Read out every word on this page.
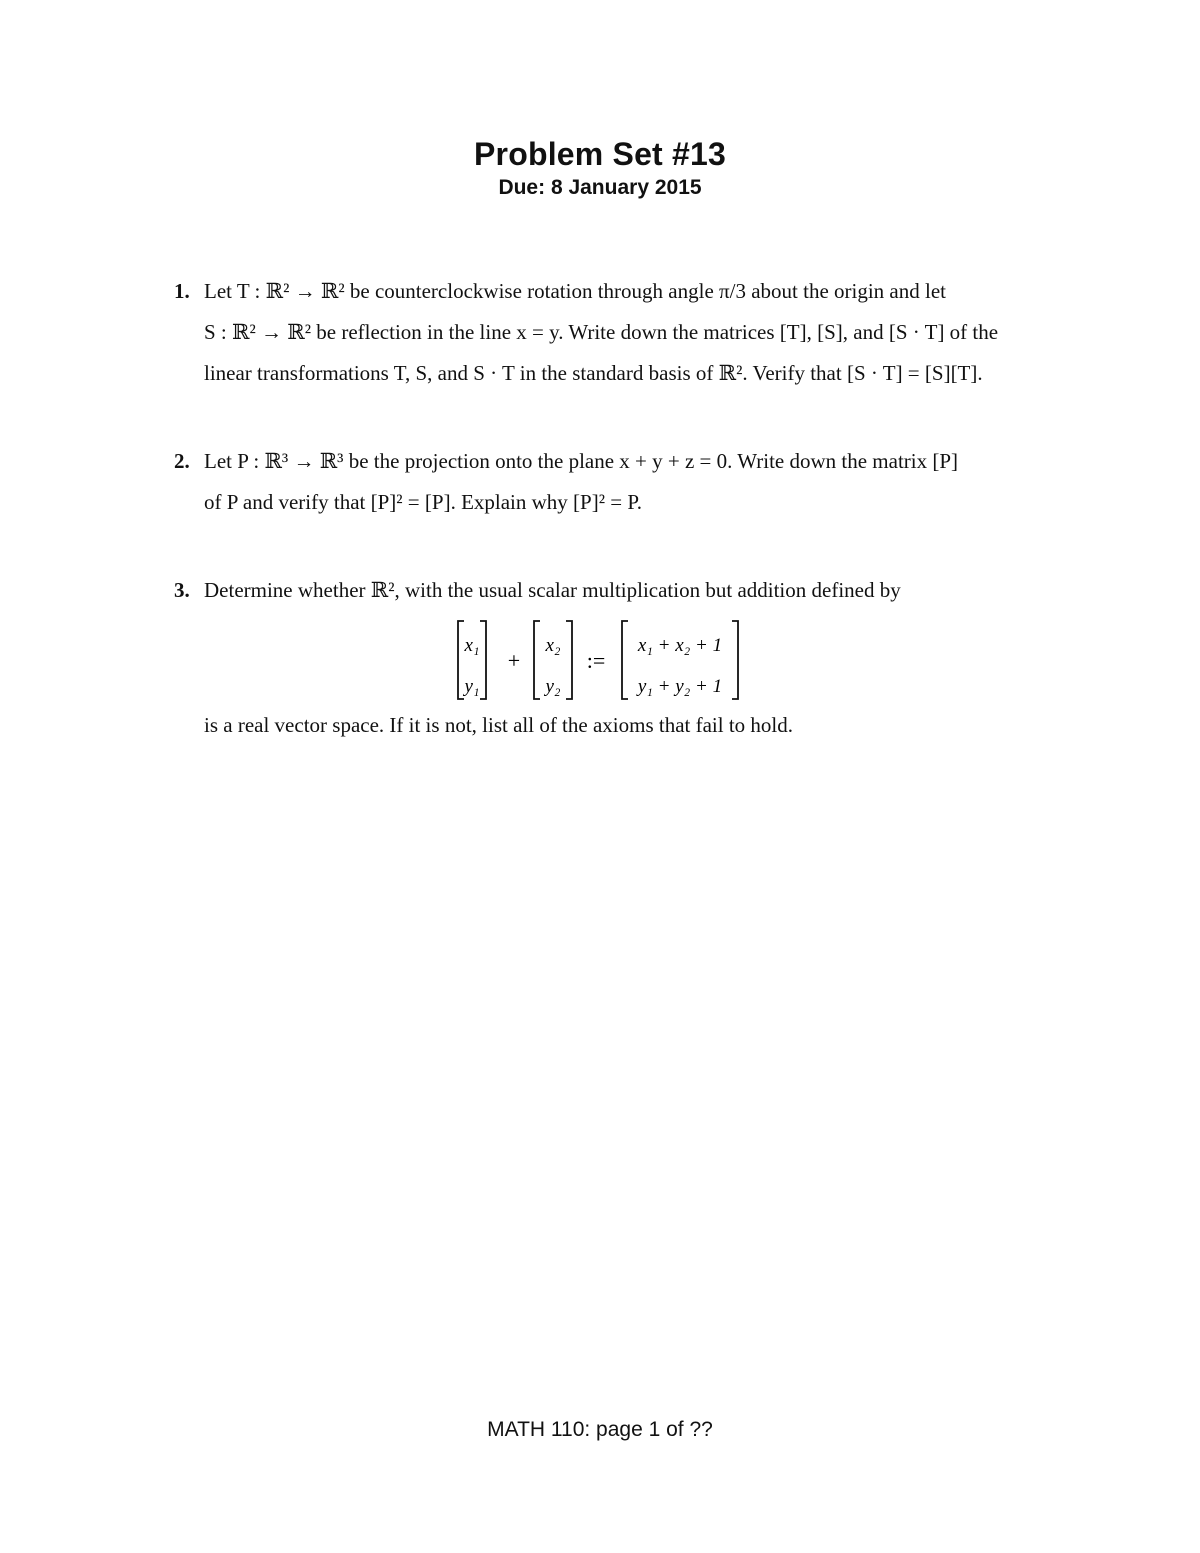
Problem Set #13
Due: 8 January 2015
1. Let T : ℝ² → ℝ² be counterclockwise rotation through angle π/3 about the origin and let
S : ℝ² → ℝ² be reflection in the line x = y. Write down the matrices [T], [S], and [S · T] of the
linear transformations T, S, and S · T in the standard basis of ℝ². Verify that [S · T] = [S][T].
2. Let P : ℝ³ → ℝ³ be the projection onto the plane x + y + z = 0. Write down the matrix [P]
of P and verify that [P]² = [P]. Explain why [P]² = P.
3. Determine whether ℝ², with the usual scalar multiplication but addition defined by
x₁
y₁
+
x₂
y₂
:=
x₁ + x₂ + 1
y₁ + y₂ + 1
is a real vector space. If it is not, list all of the axioms that fail to hold.
MATH 110: page 1 of ??
